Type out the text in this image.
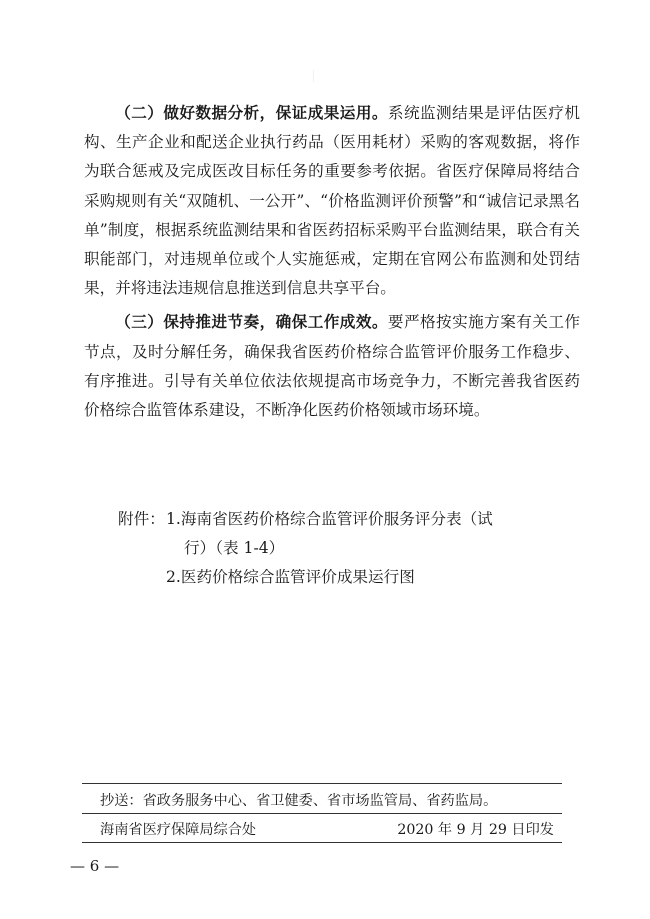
（二）做好数据分析，保证成果运用。系统监测结果是评估医疗机构、生产企业和配送企业执行药品（医用耗材）采购的客观数据，将作为联合惩戒及完成医改目标任务的重要参考依据。省医疗保障局将结合采购规则有关“双随机、一公开”、“价格监测评价预警”和“诚信记录黑名单”制度，根据系统监测结果和省医药招标采购平台监测结果，联合有关职能部门，对违规单位或个人实施惩戒，定期在官网公布监测和处罚结果，并将违法违规信息推送到信息共享平台。

（三）保持推进节奏，确保工作成效。要严格按实施方案有关工作节点，及时分解任务，确保我省医药价格综合监管评价服务工作稳步、有序推进。引导有关单位依法依规提高市场竞争力，不断完善我省医药价格综合监管体系建设，不断净化医药价格领域市场环境。

附件： 1.海南省医药价格综合监管评价服务评分表（试
行）（表 1-4）
2.医药价格综合监管评价成果运行图
抄送：省政务服务中心、省卫健委、省市场监管局、省药监局。
海南省医疗保障局综合处	2020 年 9 月 29 日印发
— 6 —
